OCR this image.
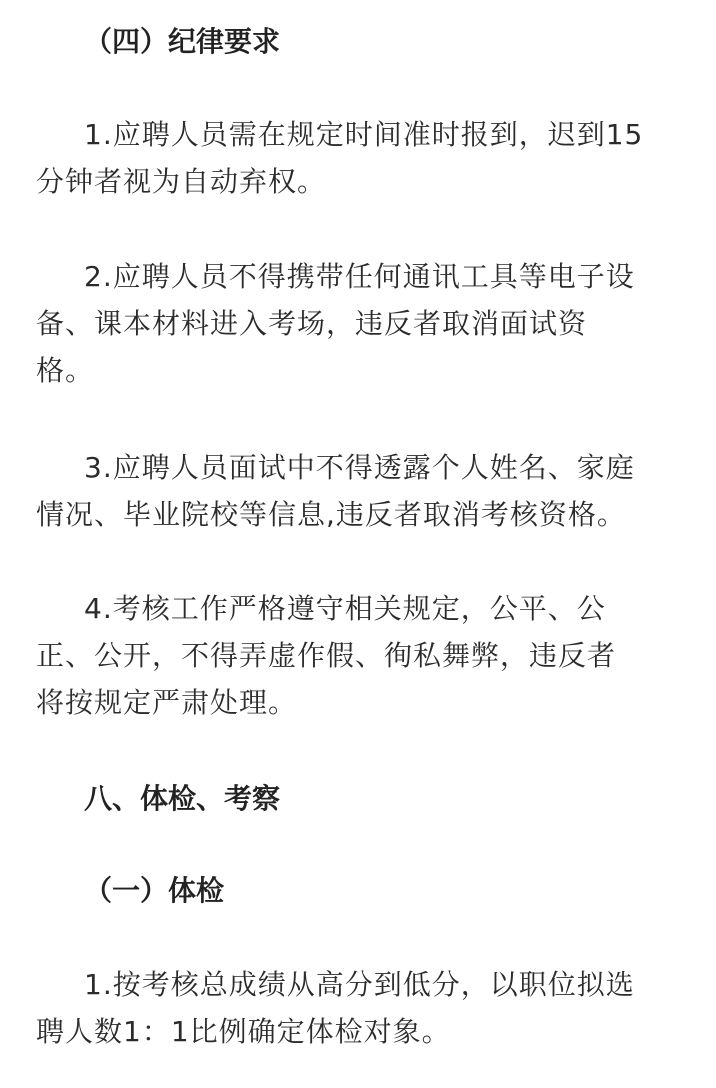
（四）纪律要求
1.应聘人员需在规定时间准时报到，迟到15
分钟者视为自动弃权。
2.应聘人员不得携带任何通讯工具等电子设
备、课本材料进入考场，违反者取消面试资
格。
3.应聘人员面试中不得透露个人姓名、家庭
情况、毕业院校等信息,违反者取消考核资格。
4.考核工作严格遵守相关规定，公平、公
正、公开，不得弄虚作假、徇私舞弊，违反者
将按规定严肃处理。
八、体检、考察
（一）体检
1.按考核总成绩从高分到低分，以职位拟选
聘人数1：1比例确定体检对象。
